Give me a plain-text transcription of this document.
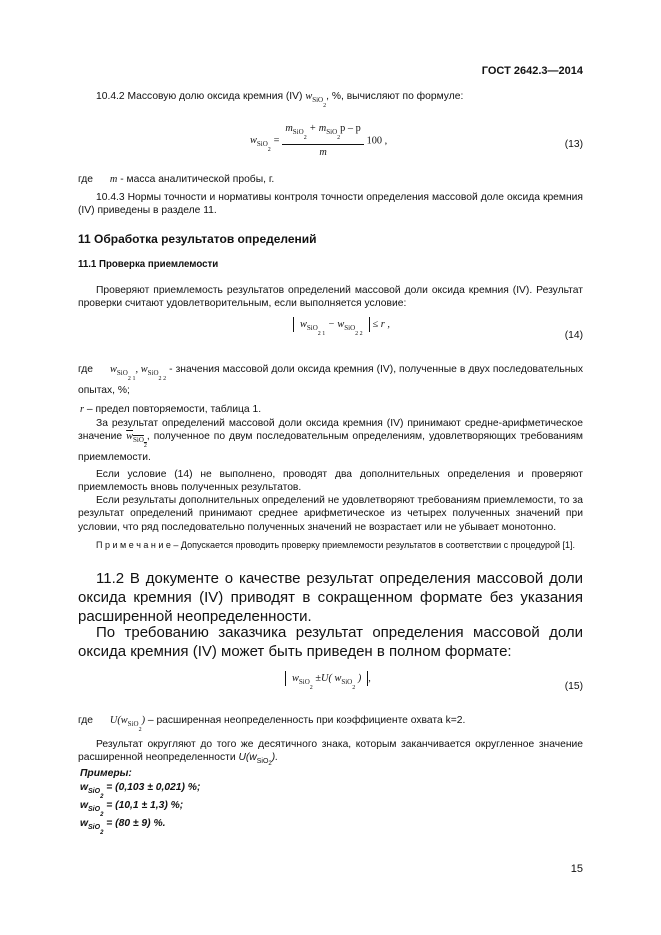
ГОСТ 2642.3—2014
10.4.2 Массовую долю оксида кремния (IV) $w_{SiO_2}$, %, вычисляют по формуле:
$w_{SiO_2} = \frac{m_{SiO_2} + m_{SiO_2}p - p}{m} 100$ ,	(13)
где m - масса аналитической пробы, г.
10.4.3 Нормы точности и нормативы контроля точности определения массовой доле оксида кремния (IV) приведены в разделе 11.
11 Обработка результатов определений
11.1 Проверка приемлемости
Проверяют приемлемость результатов определений массовой доли оксида кремния (IV). Результат проверки считают удовлетворительным, если выполняется условие:
$w_{SiO_{2 1}} - w_{SiO_{2 2}} \le r$ ,
(14)
где $w_{SiO_{2 1}}$, $w_{SiO_{2 2}}$ - значения массовой доли оксида кремния (IV), полученные в двух последовательных опытах, %;
r – предел повторяемости, таблица 1.
За результат определений массовой доли оксида кремния (IV) принимают средне-арифметическое значение $w_{SiO_2}$, полученное по двум последовательным определениям, удовлетворяющих требованиям приемлемости.
Если условие (14) не выполнено, проводят два дополнительных определения и проверяют приемлемость вновь полученных результатов.
Если результаты дополнительных определений не удовлетворяют требованиям приемлемости, то за результат определений принимают среднее арифметическое из четырех полученных значений при условии, что ряд последовательно полученных значений не возрастает или не убывает монотонно.
П р и м е ч а н и е – Допускается проводить проверку приемлемости результатов в соответствии с процедурой [1].
11.2 В документе о качестве результат определения массовой доли оксида кремния (IV) приводят в сокращенном формате без указания расширенной неопределенности.
По требованию заказчика результат определения массовой доли оксида кремния (IV) может быть приведен в полном формате:
$w_{SiO_2} \pm U$( $w_{SiO_2}$ ) ,
(15)
где $U(w_{SiO_2})$ – расширенная неопределенность при коэффициенте охвата k=2.
Результат округляют до того же десятичного знака, которым заканчивается округленное значение расширенной неопределенности $U(w_{SiO2})$.
Примеры:
$w_{SiO_2} = (0,103 \pm 0,021)$ %;
$w_{SiO_2} = (10,1 \pm 1,3)$ %;
$w_{SiO_2} = (80 \pm 9)$ %.
15
